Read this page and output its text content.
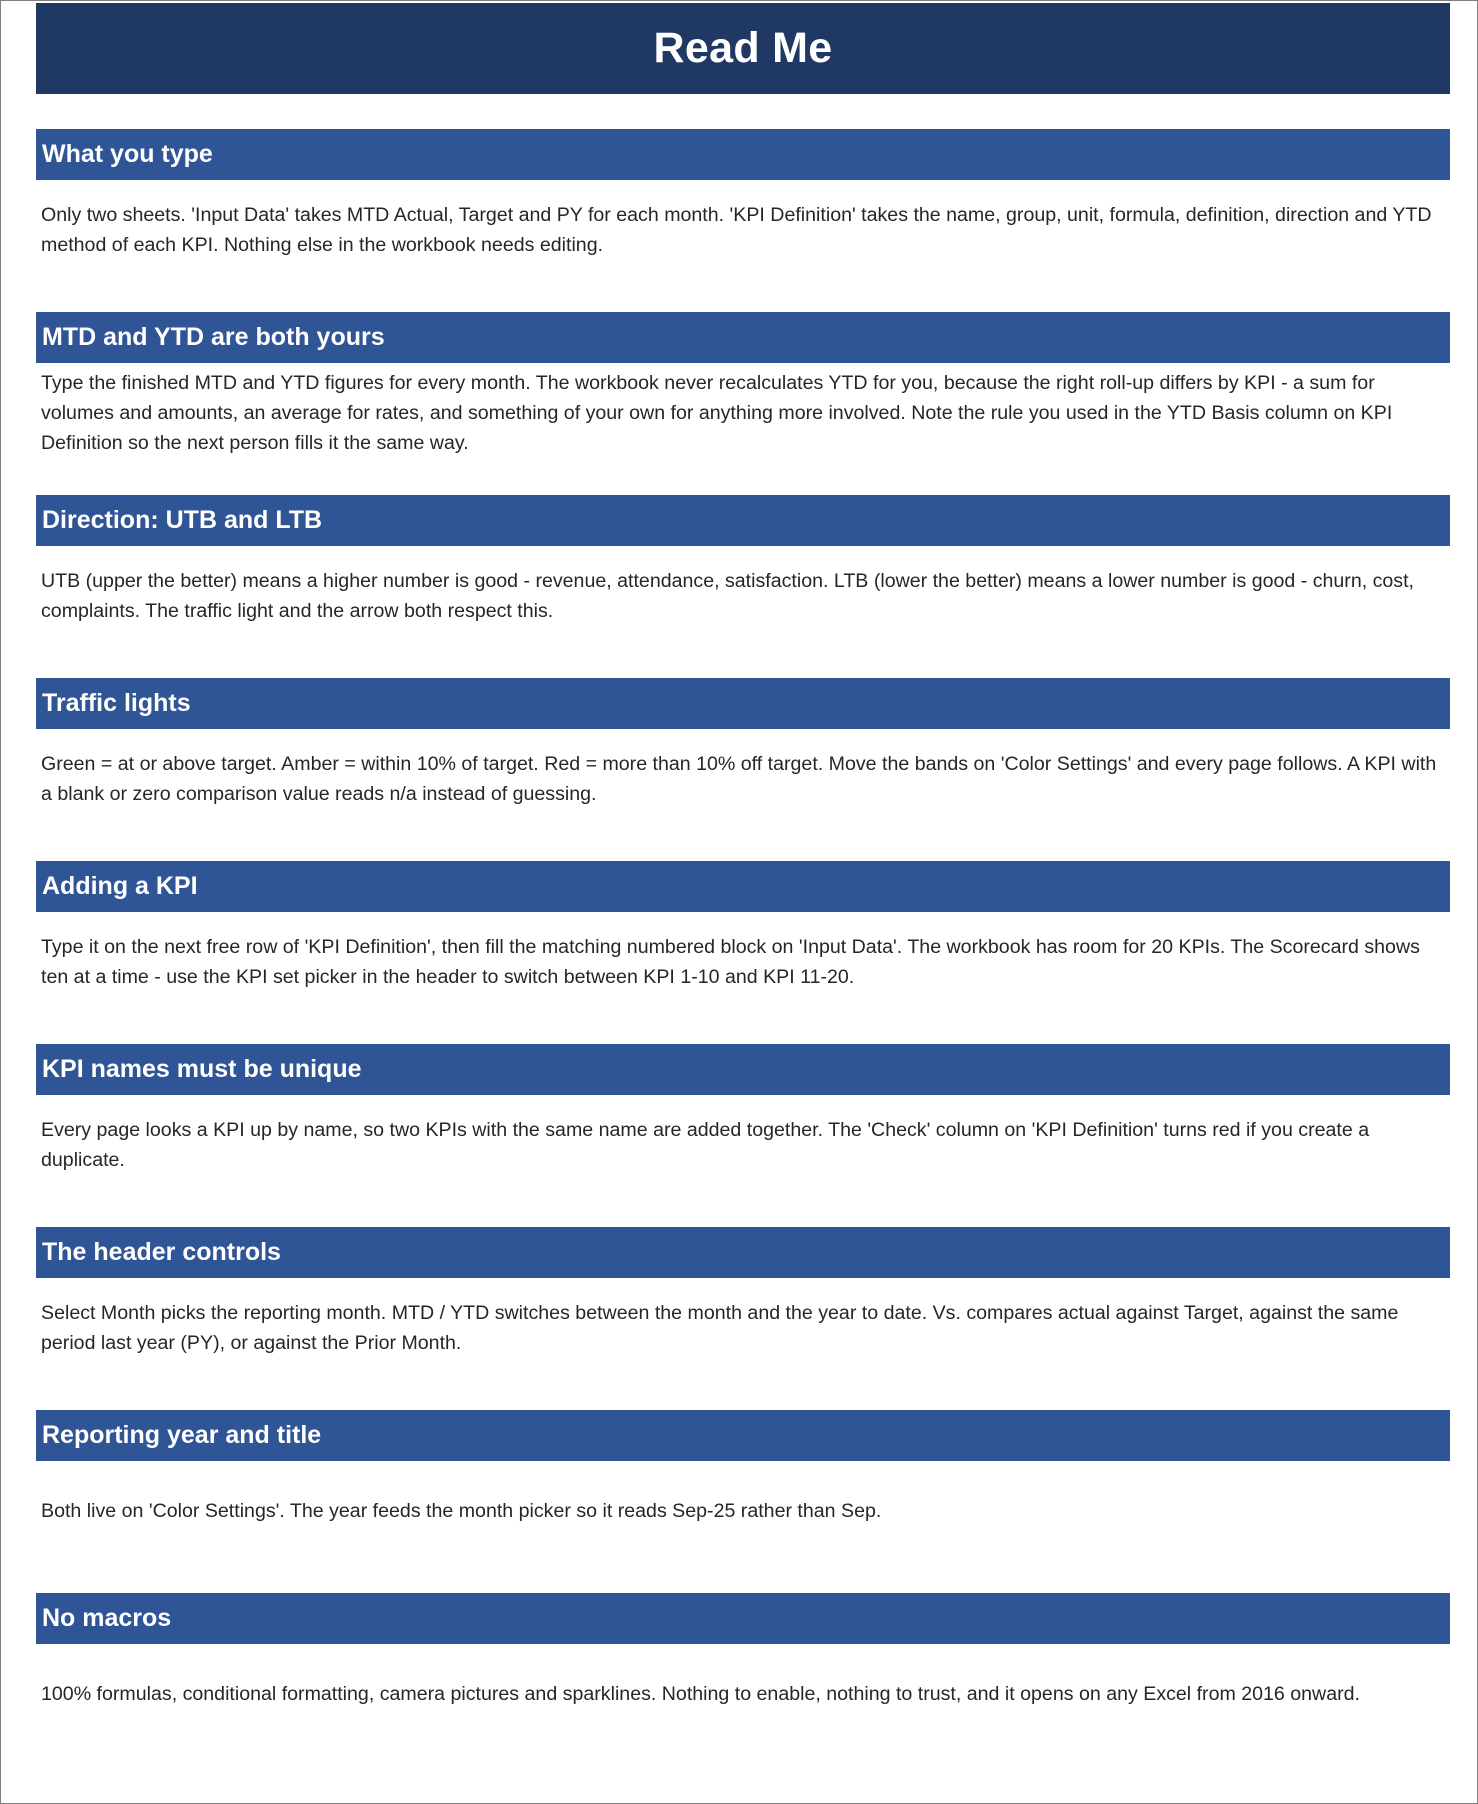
Read Me
What you type
Only two sheets. 'Input Data' takes MTD Actual, Target and PY for each month. 'KPI Definition' takes the name, group, unit, formula, definition, direction and YTD method of each KPI. Nothing else in the workbook needs editing.
MTD and YTD are both yours
Type the finished MTD and YTD figures for every month. The workbook never recalculates YTD for you, because the right roll-up differs by KPI - a sum for volumes and amounts, an average for rates, and something of your own for anything more involved. Note the rule you used in the YTD Basis column on KPI Definition so the next person fills it the same way.
Direction: UTB and LTB
UTB (upper the better) means a higher number is good - revenue, attendance, satisfaction. LTB (lower the better) means a lower number is good - churn, cost, complaints. The traffic light and the arrow both respect this.
Traffic lights
Green = at or above target. Amber = within 10% of target. Red = more than 10% off target. Move the bands on 'Color Settings' and every page follows. A KPI with a blank or zero comparison value reads n/a instead of guessing.
Adding a KPI
Type it on the next free row of 'KPI Definition', then fill the matching numbered block on 'Input Data'. The workbook has room for 20 KPIs. The Scorecard shows ten at a time - use the KPI set picker in the header to switch between KPI 1-10 and KPI 11-20.
KPI names must be unique
Every page looks a KPI up by name, so two KPIs with the same name are added together. The 'Check' column on 'KPI Definition' turns red if you create a duplicate.
The header controls
Select Month picks the reporting month. MTD / YTD switches between the month and the year to date. Vs. compares actual against Target, against the same period last year (PY), or against the Prior Month.
Reporting year and title
Both live on 'Color Settings'. The year feeds the month picker so it reads Sep-25 rather than Sep.
No macros
100% formulas, conditional formatting, camera pictures and sparklines. Nothing to enable, nothing to trust, and it opens on any Excel from 2016 onward.
